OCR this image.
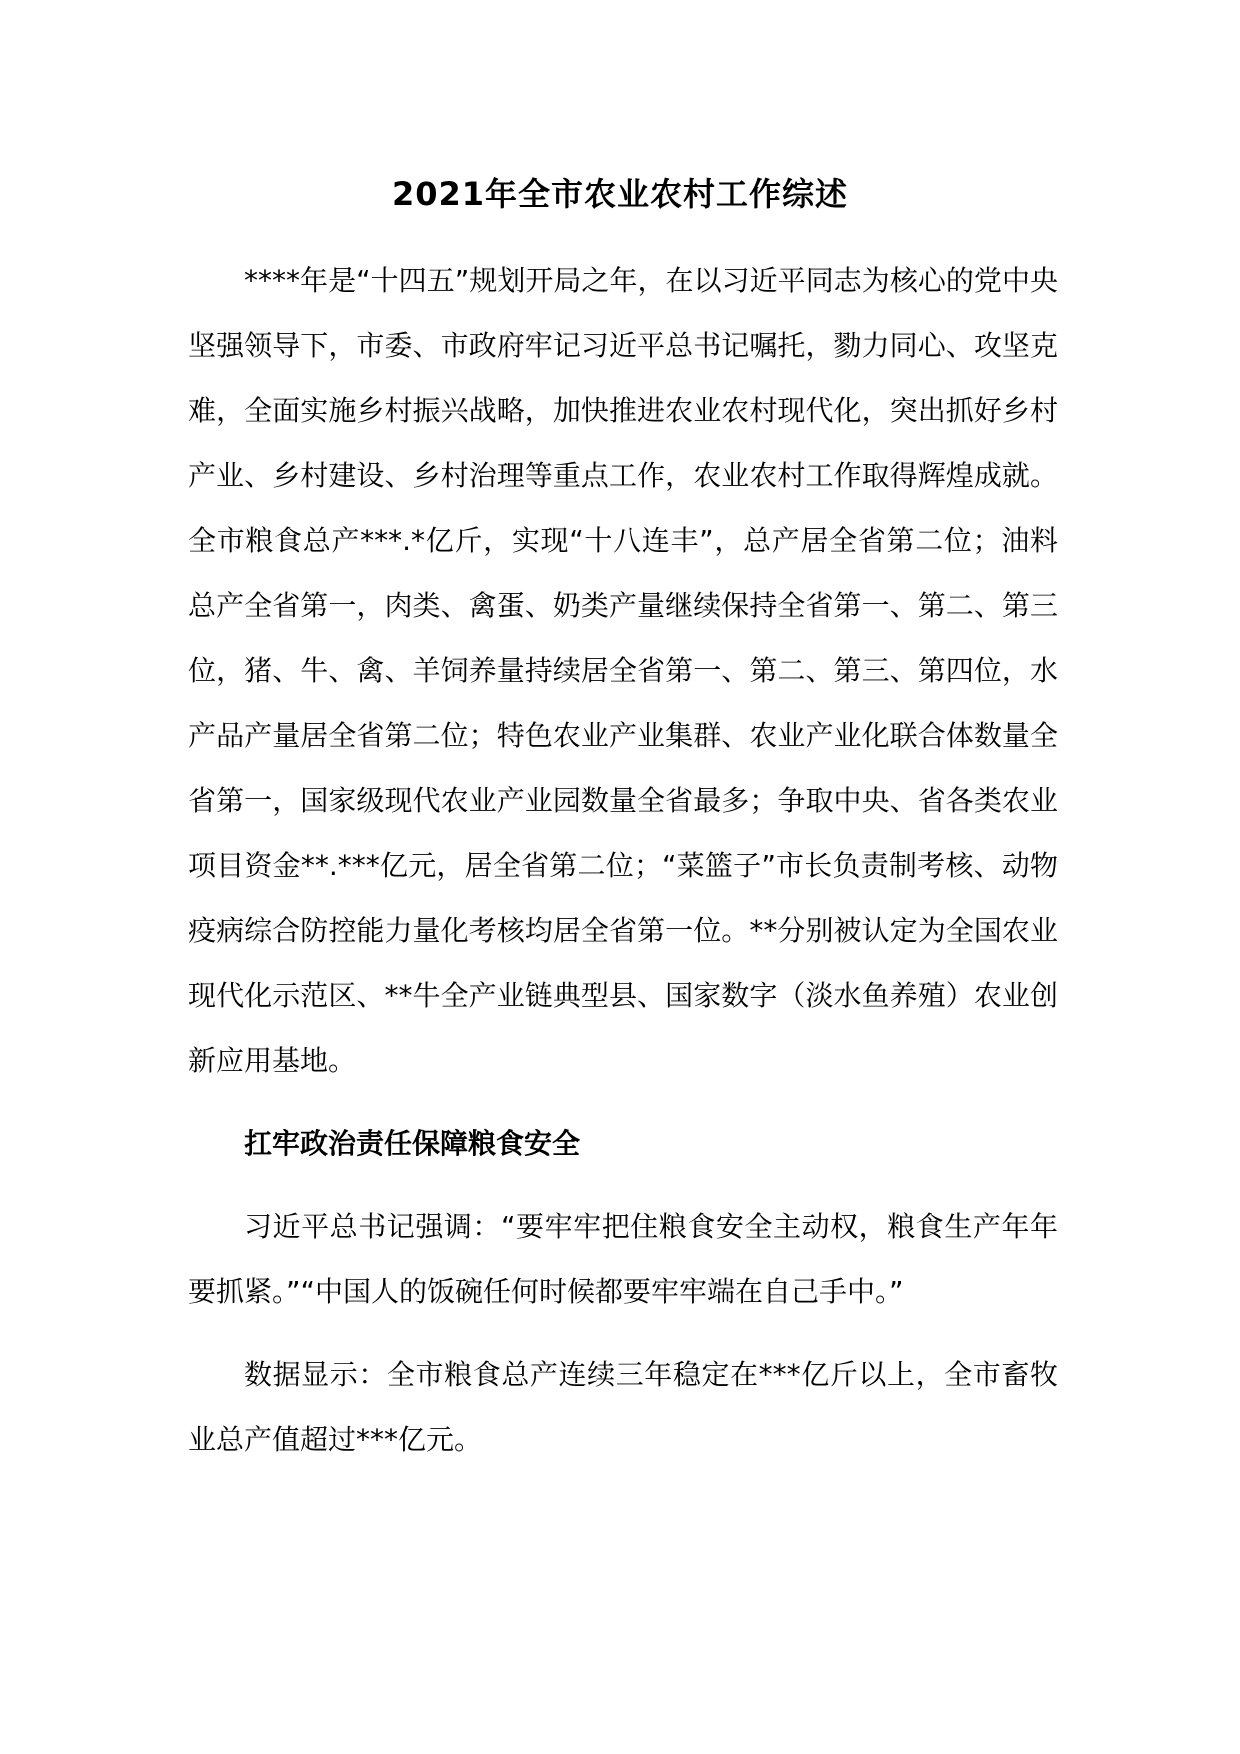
2021年全市农业农村工作综述

****年是“十四五”规划开局之年，在以习近平同志为核心的党中央坚强领导下，市委、市政府牢记习近平总书记嘱托，勠力同心、攻坚克难，全面实施乡村振兴战略，加快推进农业农村现代化，突出抓好乡村产业、乡村建设、乡村治理等重点工作，农业农村工作取得辉煌成就。全市粮食总产***.*亿斤，实现“十八连丰”，总产居全省第二位；油料总产全省第一，肉类、禽蛋、奶类产量继续保持全省第一、第二、第三位，猪、牛、禽、羊饲养量持续居全省第一、第二、第三、第四位，水产品产量居全省第二位；特色农业产业集群、农业产业化联合体数量全省第一，国家级现代农业产业园数量全省最多；争取中央、省各类农业项目资金**.***亿元，居全省第二位；“菜篮子”市长负责制考核、动物疫病综合防控能力量化考核均居全省第一位。**分别被认定为全国农业现代化示范区、**牛全产业链典型县、国家数字（淡水鱼养殖）农业创新应用基地。

扛牢政治责任保障粮食安全

习近平总书记强调：“要牢牢把住粮食安全主动权，粮食生产年年要抓紧。”“中国人的饭碗任何时候都要牢牢端在自己手中。”

数据显示：全市粮食总产连续三年稳定在***亿斤以上，全市畜牧业总产值超过***亿元。
